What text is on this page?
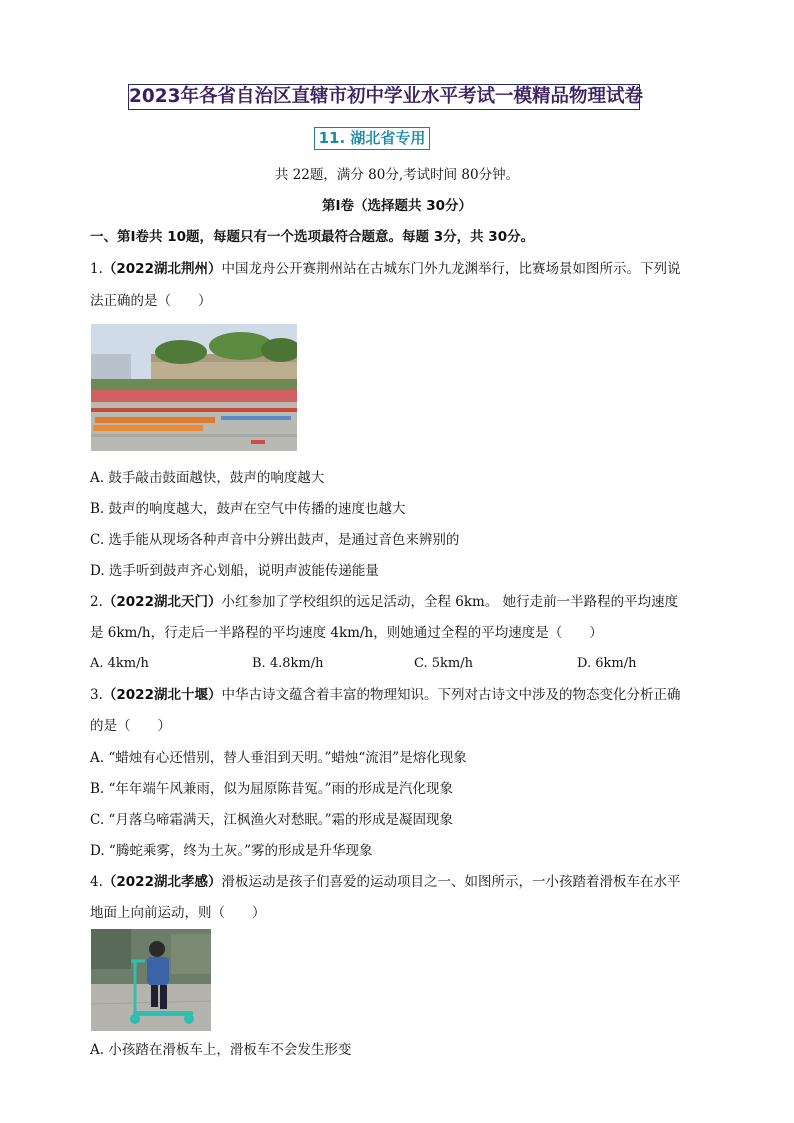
2023年各省自治区直辖市初中学业水平考试一模精品物理试卷
11. 湖北省专用
共 22题，满分 80分,考试时间 80分钟。
第Ⅰ卷（选择题共 30分）
一、第Ⅰ卷共 10题，每题只有一个选项最符合题意。每题 3分，共 30分。
1.（2022湖北荆州）中国龙舟公开赛荆州站在古城东门外九龙渊举行，比赛场景如图所示。下列说
法正确的是（　　）
A. 鼓手敲击鼓面越快，鼓声的响度越大
B. 鼓声的响度越大，鼓声在空气中传播的速度也越大
C. 选手能从现场各种声音中分辨出鼓声，是通过音色来辨别的
D. 选手听到鼓声齐心划船，说明声波能传递能量
2.（2022湖北天门）小红参加了学校组织的远足活动，全程 6km。 她行走前一半路程的平均速度
是 6km/h，行走后一半路程的平均速度 4km/h，则她通过全程的平均速度是（　　）
A. 4km/h	B. 4.8km/h	C. 5km/h	D. 6km/h
3.（2022湖北十堰）中华古诗文蕴含着丰富的物理知识。下列对古诗文中涉及的物态变化分析正确
的是（　　）
A. “蜡烛有心还惜别，替人垂泪到天明。”蜡烛“流泪”是熔化现象
B. “年年端午风兼雨，似为屈原陈昔冤。”雨的形成是汽化现象
C. “月落乌啼霜满天，江枫渔火对愁眠。”霜的形成是凝固现象
D. “腾蛇乘雾，终为土灰。”雾的形成是升华现象
4.（2022湖北孝感）滑板运动是孩子们喜爱的运动项目之一、如图所示，一小孩踏着滑板车在水平
地面上向前运动，则（　　）
A. 小孩踏在滑板车上，滑板车不会发生形变
